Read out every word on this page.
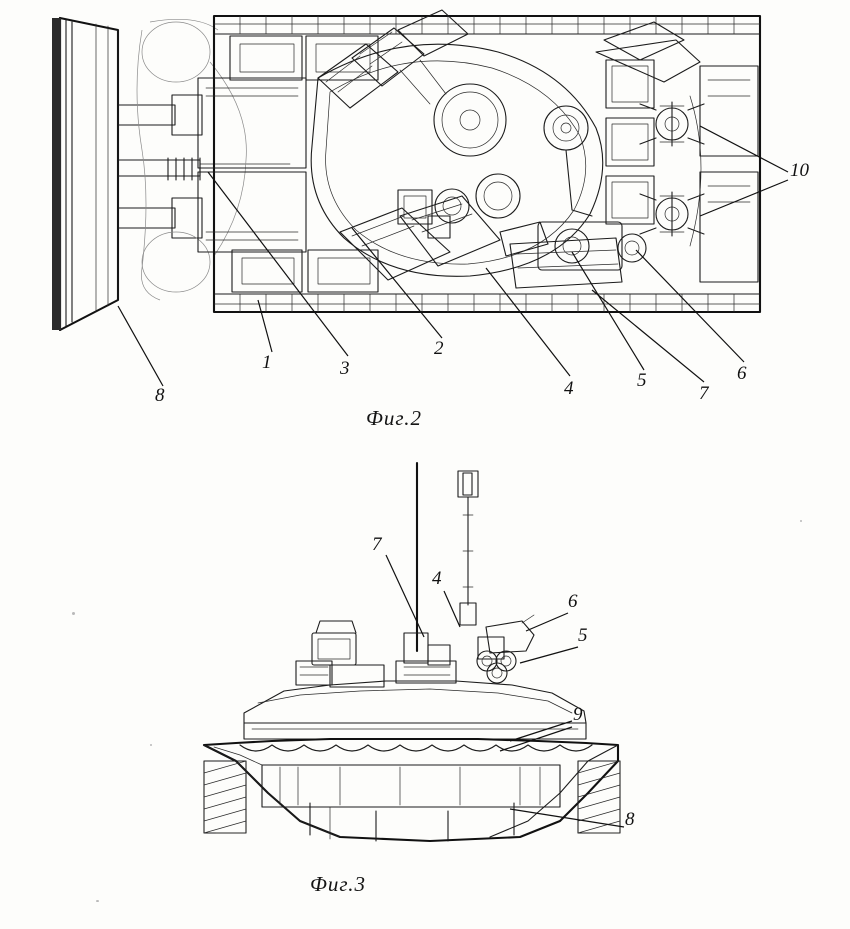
1	3
2
4	5
7
6
8
10
Фиг.2
7
4
6
5
9
8
Фиг.3
